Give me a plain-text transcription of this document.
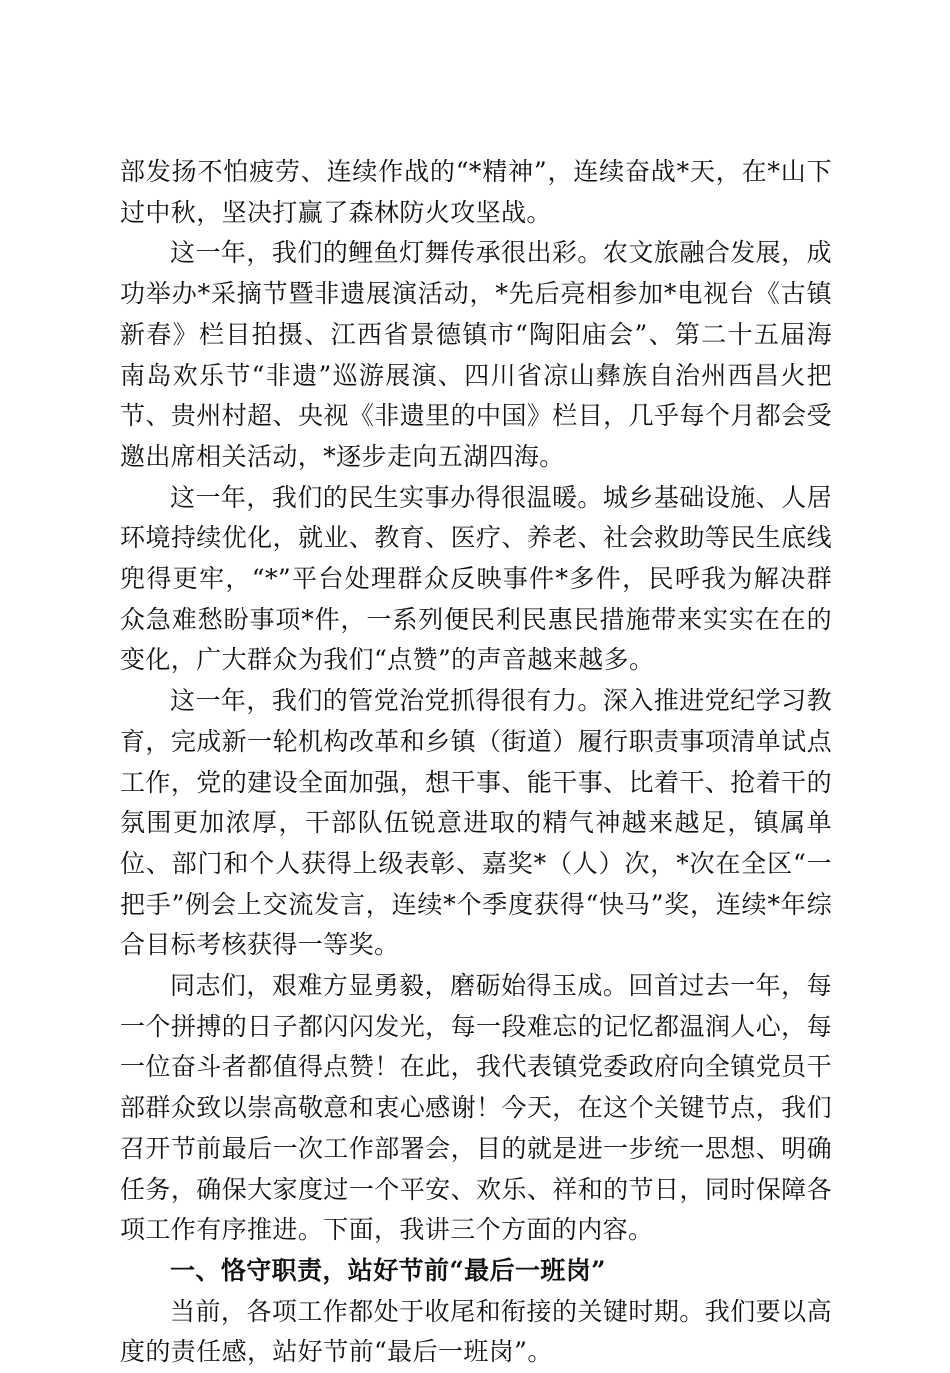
部发扬不怕疲劳、连续作战的“*精神”，连续奋战*天，在*山下过中秋，坚决打赢了森林防火攻坚战。

这一年，我们的鲤鱼灯舞传承很出彩。农文旅融合发展，成功举办*采摘节暨非遗展演活动，*先后亮相参加*电视台《古镇新春》栏目拍摄、江西省景德镇市“陶阳庙会”、第二十五届海南岛欢乐节“非遗”巡游展演、四川省凉山彝族自治州西昌火把节、贵州村超、央视《非遗里的中国》栏目，几乎每个月都会受邀出席相关活动，*逐步走向五湖四海。

这一年，我们的民生实事办得很温暖。城乡基础设施、人居环境持续优化，就业、教育、医疗、养老、社会救助等民生底线兜得更牢，“*”平台处理群众反映事件*多件，民呼我为解决群众急难愁盼事项*件，一系列便民利民惠民措施带来实实在在的变化，广大群众为我们“点赞”的声音越来越多。

这一年，我们的管党治党抓得很有力。深入推进党纪学习教育，完成新一轮机构改革和乡镇（街道）履行职责事项清单试点工作，党的建设全面加强，想干事、能干事、比着干、抢着干的氛围更加浓厚，干部队伍锐意进取的精气神越来越足，镇属单位、部门和个人获得上级表彰、嘉奖*（人）次，*次在全区“一把手”例会上交流发言，连续*个季度获得“快马”奖，连续*年综合目标考核获得一等奖。

同志们，艰难方显勇毅，磨砺始得玉成。回首过去一年，每一个拼搏的日子都闪闪发光，每一段难忘的记忆都温润人心，每一位奋斗者都值得点赞！在此，我代表镇党委政府向全镇党员干部群众致以崇高敬意和衷心感谢！今天，在这个关键节点，我们召开节前最后一次工作部署会，目的就是进一步统一思想、明确任务，确保大家度过一个平安、欢乐、祥和的节日，同时保障各项工作有序推进。下面，我讲三个方面的内容。

一、恪守职责，站好节前“最后一班岗”

当前，各项工作都处于收尾和衔接的关键时期。我们要以高度的责任感，站好节前“最后一班岗”。
